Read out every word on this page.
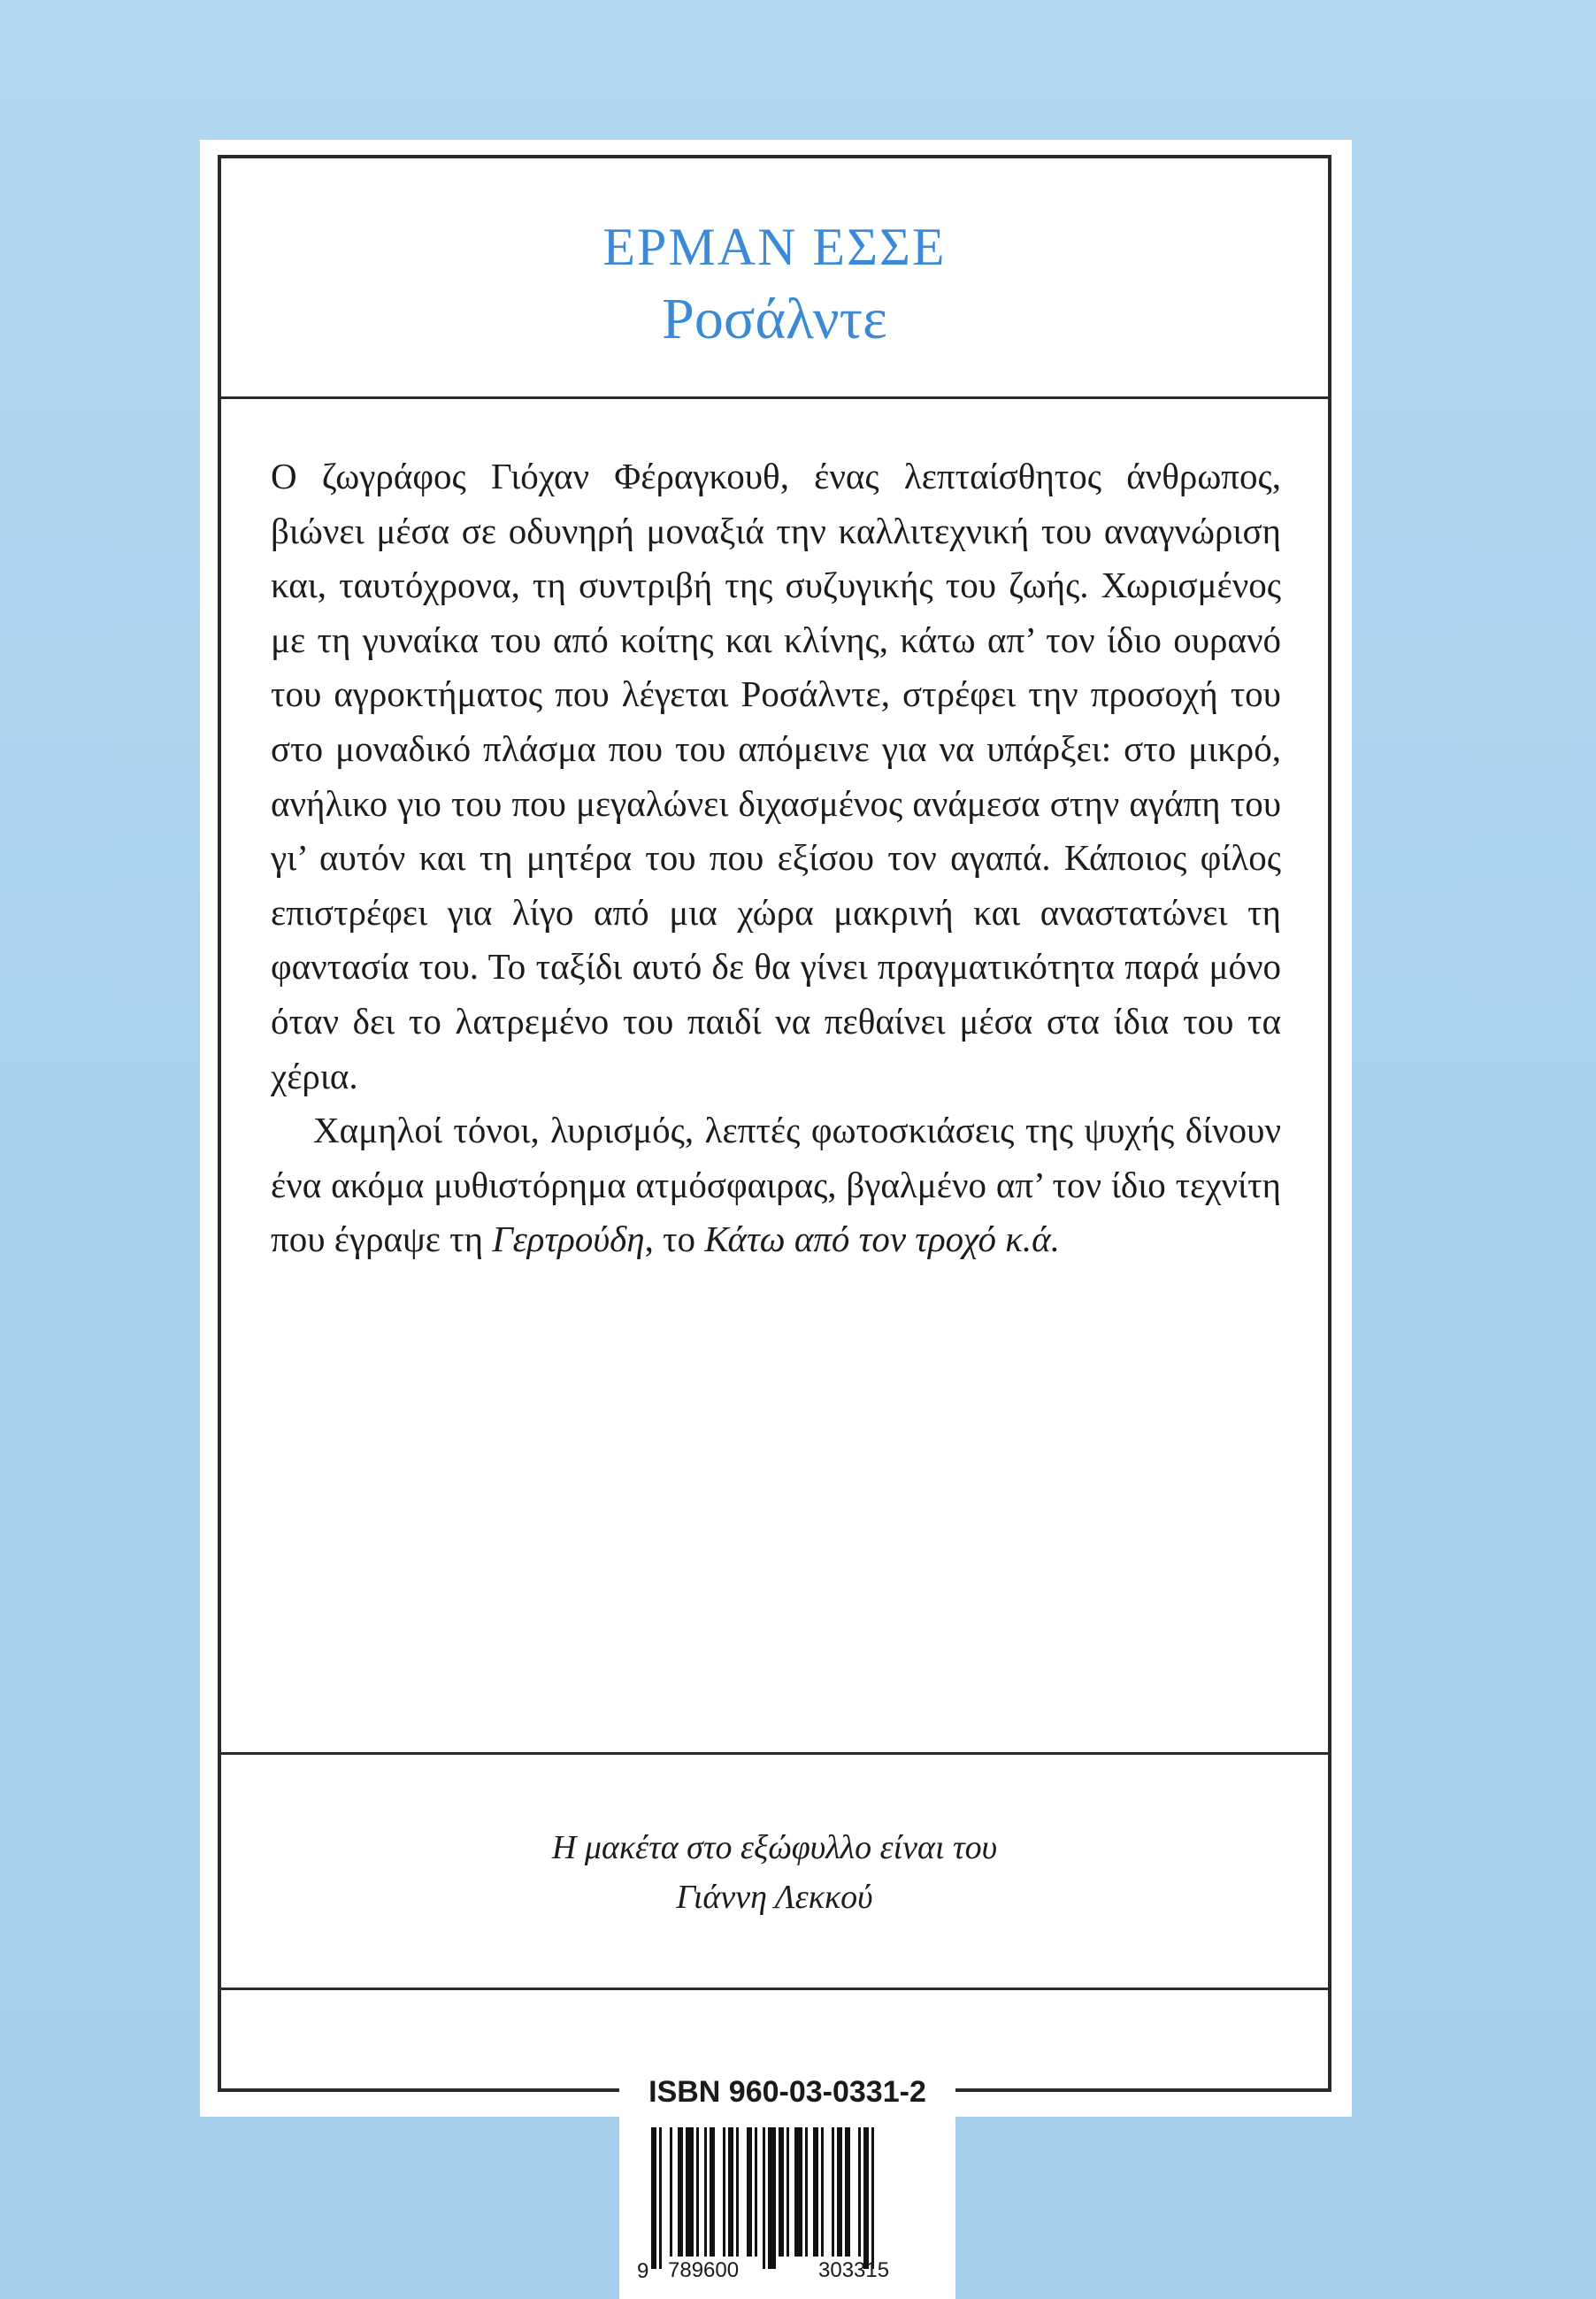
ΕΡΜΑΝ ΕΣΣΕ
Ροσάλντε

Ο ζωγράφος Γιόχαν Φέραγκουθ, ένας λεπταίσθητος άνθρωπος, βιώνει μέσα σε οδυνηρή μοναξιά την καλλιτεχνική του αναγνώριση και, ταυτόχρονα, τη συντριβή της συζυγικής του ζωής. Χωρισμένος με τη γυναίκα του από κοίτης και κλίνης, κάτω απ’ τον ίδιο ουρανό του αγροκτήματος που λέγεται Ροσάλντε, στρέφει την προσοχή του στο μοναδικό πλάσμα που του απόμεινε για να υπάρξει: στο μικρό, ανήλικο γιο του που μεγαλώνει διχασμένος ανάμεσα στην αγάπη του γι’ αυτόν και τη μητέρα του που εξίσου τον αγαπά. Κάποιος φίλος επιστρέφει για λίγο από μια χώρα μακρινή και αναστατώνει τη φαντασία του. Το ταξίδι αυτό δε θα γίνει πραγματικότητα παρά μόνο όταν δει το λατρεμένο του παιδί να πεθαίνει μέσα στα ίδια του τα χέρια.

Χαμηλοί τόνοι, λυρισμός, λεπτές φωτοσκιάσεις της ψυχής δίνουν ένα ακόμα μυθιστόρημα ατμόσφαιρας, βγαλμένο απ’ τον ίδιο τεχνίτη που έγραψε τη Γερτρούδη, το Κάτω από τον τροχό κ.ά.

Η μακέτα στο εξώφυλλο είναι του
Γιάννη Λεκκού
ISBN 960-03-0331-2
9 789600	303315
